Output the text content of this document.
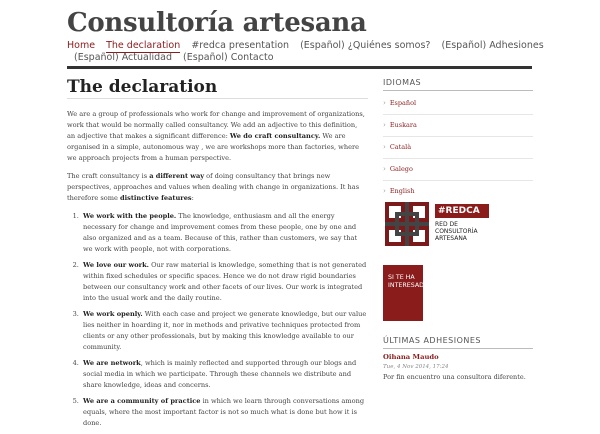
Consultoría artesana
Home The declaration #redca presentation (Español) ¿Quiénes somos? (Español) Adhesiones
(Español) Actualidad (Español) Contacto
The declaration

We are a group of professionals who work for change and improvement of organizations, work that would be normally called consultancy. We add an adjective to this definition, an adjective that makes a significant difference: We do craft consultancy. We are organised in a simple, autonomous way , we are workshops more than factories, where we approach projects from a human perspective.

The craft consultancy is a different way of doing consultancy that brings new perspectives, approaches and values when dealing with change in organizations. It has therefore some distinctive features:

1. We work with the people. The knowledge, enthusiasm and all the energy necessary for change and improvement comes from these people, one by one and also organized and as a team. Because of this, rather than customers, we say that we work with people, not with corporations.
2. We love our work. Our raw material is knowledge, something that is not generated within fixed schedules or specific spaces. Hence we do not draw rigid boundaries between our consultancy work and other facets of our lives. Our work is integrated into the usual work and the daily routine.
3. We work openly. With each case and project we generate knowledge, but our value lies neither in hoarding it, nor in methods and privative techniques protected from clients or any other professionals, but by making this knowledge available to our community.
4. We are network, which is mainly reflected and supported through our blogs and social media in which we participate. Through these channels we distribute and share knowledge, ideas and concerns.
5. We are a community of practice in which we learn through conversations among equals, where the most important factor is not so much what is done but how it is done.
IDIOMAS
› Español
› Euskara
› Català
› Galego
› English
#REDCA
RED DE CONSULTORÍA ARTESANA
SI TE HA INTERESADO...
ÚLTIMAS ADHESIONES
Oihana Maudo
Tue, 4 Nov 2014, 17:24
Por fin encuentro una consultora diferente.
